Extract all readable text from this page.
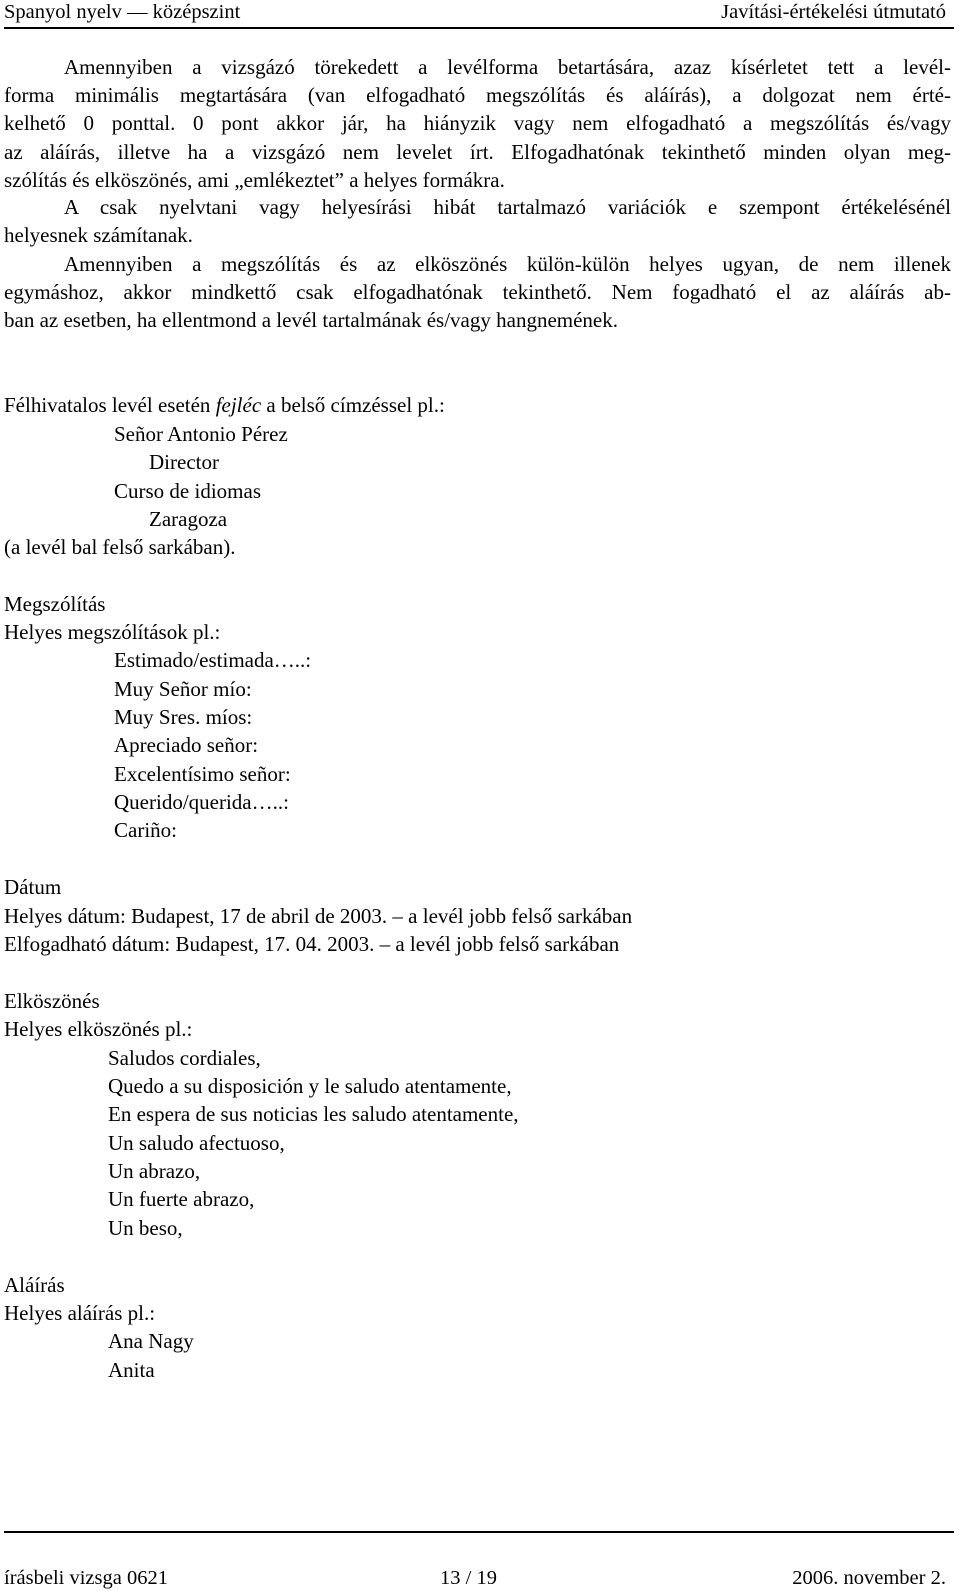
Spanyol nyelv — középszint	Javítási-értékelési útmutató
Amennyiben a vizsgázó törekedett a levélforma betartására, azaz kísérletet tett a levél-
forma minimális megtartására (van elfogadható megszólítás és aláírás), a dolgozat nem érté-
kelhető 0 ponttal. 0 pont akkor jár, ha hiányzik vagy nem elfogadható a megszólítás és/vagy
az aláírás, illetve ha a vizsgázó nem levelet írt. Elfogadhatónak tekinthető minden olyan meg-
szólítás és elköszönés, ami „emlékeztet” a helyes formákra.
A csak nyelvtani vagy helyesírási hibát tartalmazó variációk e szempont értékelésénél
helyesnek számítanak.
Amennyiben a megszólítás és az elköszönés külön-külön helyes ugyan, de nem illenek
egymáshoz, akkor mindkettő csak elfogadhatónak tekinthető. Nem fogadható el az aláírás ab-
ban az esetben, ha ellentmond a levél tartalmának és/vagy hangnemének.
Félhivatalos levél esetén fejléc a belső címzéssel pl.:
Señor Antonio Pérez
Director
Curso de idiomas
Zaragoza
(a levél bal felső sarkában).
Megszólítás
Helyes megszólítások pl.:
Estimado/estimada…..:
Muy Señor mío:
Muy Sres. míos:
Apreciado señor:
Excelentísimo señor:
Querido/querida…..:
Cariño:
Dátum
Helyes dátum: Budapest, 17 de abril de 2003. – a levél jobb felső sarkában
Elfogadható dátum: Budapest, 17. 04. 2003. – a levél jobb felső sarkában
Elköszönés
Helyes elköszönés pl.:
Saludos cordiales,
Quedo a su disposición y le saludo atentamente,
En espera de sus noticias les saludo atentamente,
Un saludo afectuoso,
Un abrazo,
Un fuerte abrazo,
Un beso,
Aláírás
Helyes aláírás pl.:
Ana Nagy
Anita
írásbeli vizsga 0621	13 / 19	2006. november 2.
